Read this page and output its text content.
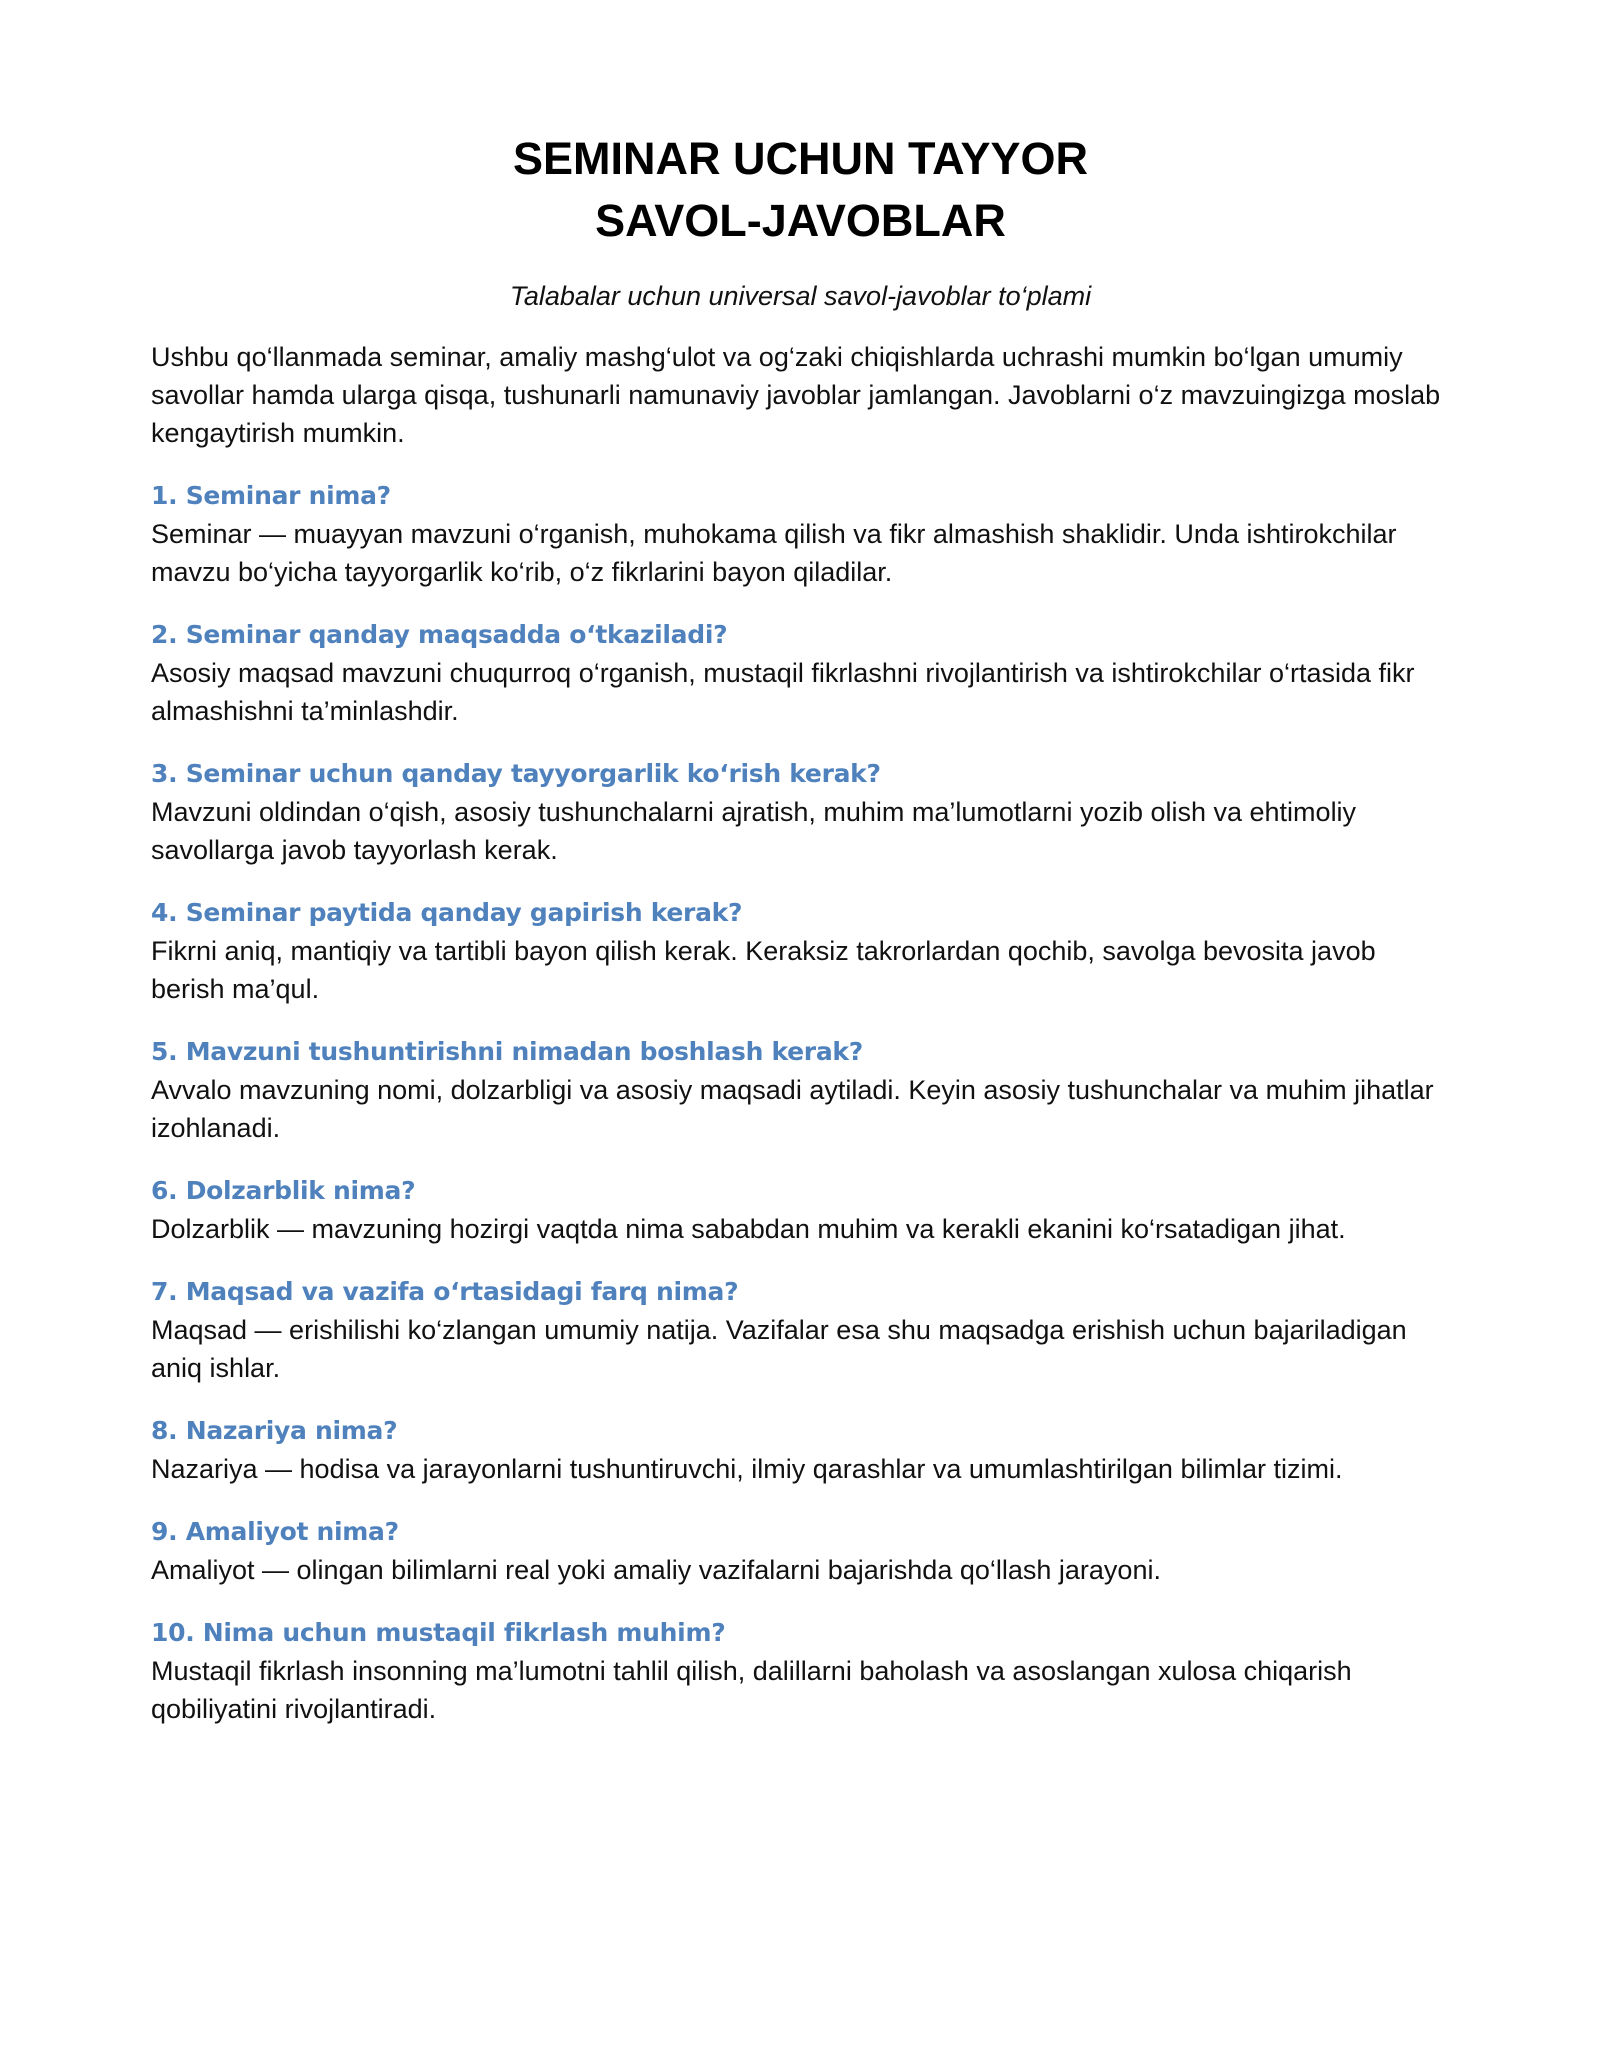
SEMINAR UCHUN TAYYOR
SAVOL-JAVOBLAR

Talabalar uchun universal savol-javoblar to‘plami

Ushbu qo‘llanmada seminar, amaliy mashg‘ulot va og‘zaki chiqishlarda uchrashi mumkin bo‘lgan umumiy savollar hamda ularga qisqa, tushunarli namunaviy javoblar jamlangan. Javoblarni o‘z mavzuingizga moslab kengaytirish mumkin.

1. Seminar nima?

Seminar — muayyan mavzuni o‘rganish, muhokama qilish va fikr almashish shaklidir. Unda ishtirokchilar mavzu bo‘yicha tayyorgarlik ko‘rib, o‘z fikrlarini bayon qiladilar.

2. Seminar qanday maqsadda o‘tkaziladi?

Asosiy maqsad mavzuni chuqurroq o‘rganish, mustaqil fikrlashni rivojlantirish va ishtirokchilar o‘rtasida fikr almashishni ta’minlashdir.

3. Seminar uchun qanday tayyorgarlik ko‘rish kerak?

Mavzuni oldindan o‘qish, asosiy tushunchalarni ajratish, muhim ma’lumotlarni yozib olish va ehtimoliy savollarga javob tayyorlash kerak.

4. Seminar paytida qanday gapirish kerak?

Fikrni aniq, mantiqiy va tartibli bayon qilish kerak. Keraksiz takrorlardan qochib, savolga bevosita javob berish ma’qul.

5. Mavzuni tushuntirishni nimadan boshlash kerak?

Avvalo mavzuning nomi, dolzarbligi va asosiy maqsadi aytiladi. Keyin asosiy tushunchalar va muhim jihatlar izohlanadi.

6. Dolzarblik nima?

Dolzarblik — mavzuning hozirgi vaqtda nima sababdan muhim va kerakli ekanini ko‘rsatadigan jihat.

7. Maqsad va vazifa o‘rtasidagi farq nima?

Maqsad — erishilishi ko‘zlangan umumiy natija. Vazifalar esa shu maqsadga erishish uchun bajariladigan aniq ishlar.

8. Nazariya nima?

Nazariya — hodisa va jarayonlarni tushuntiruvchi, ilmiy qarashlar va umumlashtirilgan bilimlar tizimi.

9. Amaliyot nima?

Amaliyot — olingan bilimlarni real yoki amaliy vazifalarni bajarishda qo‘llash jarayoni.

10. Nima uchun mustaqil fikrlash muhim?

Mustaqil fikrlash insonning ma’lumotni tahlil qilish, dalillarni baholash va asoslangan xulosa chiqarish qobiliyatini rivojlantiradi.
